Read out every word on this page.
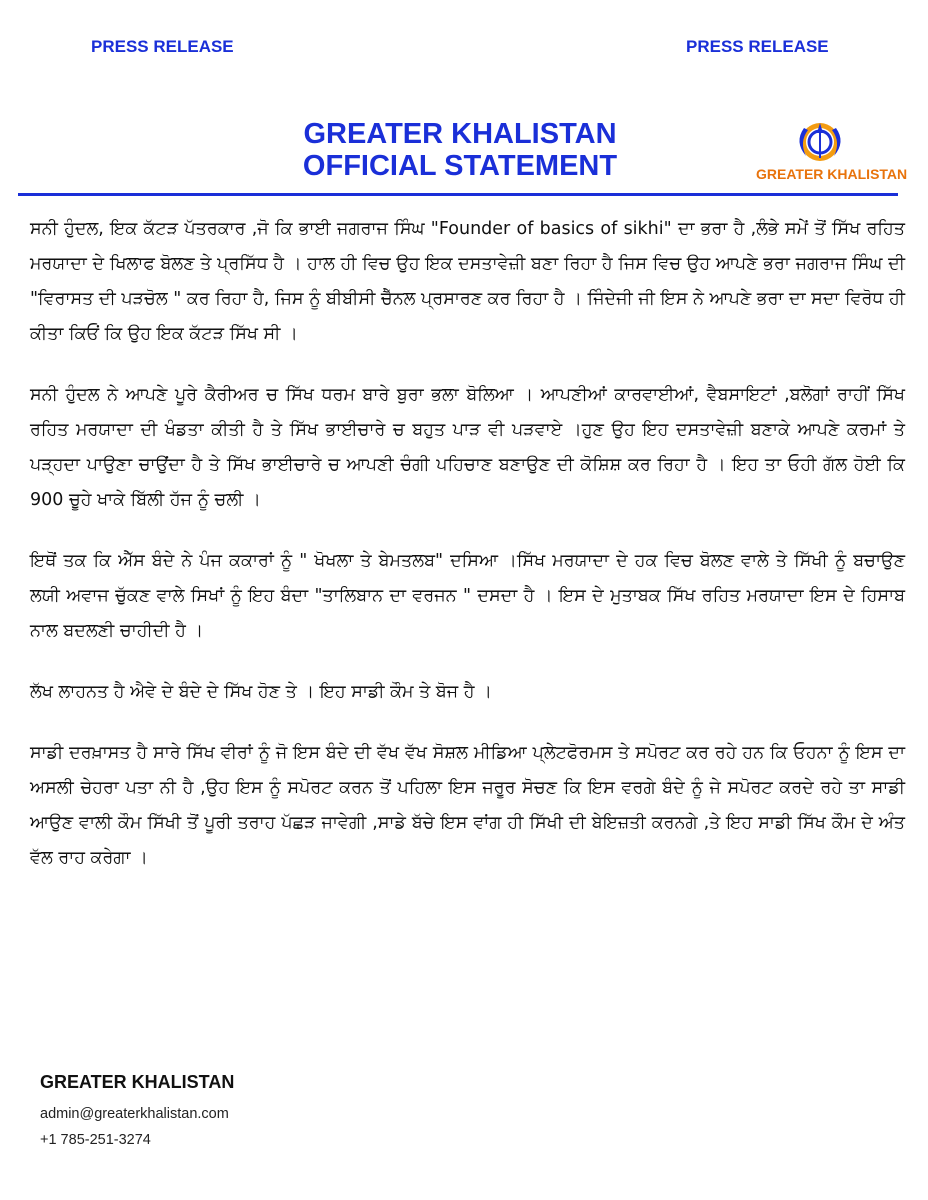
PRESS RELEASE	PRESS RELEASE
GREATER KHALISTAN
OFFICIAL STATEMENT	GREATER KHALISTAN

ਸਨੀ ਹੁੰਦਲ, ਇਕ ਕੱਟੜ ਪੱਤਰਕਾਰ ,ਜੋ ਕਿ ਭਾਈ ਜਗਰਾਜ ਸਿੰਘ "Founder of basics of sikhi" ਦਾ ਭਰਾ ਹੈ ,ਲੰਭੇ ਸਮੇਂ ਤੋਂ ਸਿੱਖ ਰਹਿਤ ਮਰਯਾਦਾ ਦੇ ਖਿਲਾਫ ਬੋਲਣ ਤੇ ਪ੍ਰਸਿੱਧ ਹੈ । ਹਾਲ ਹੀ ਵਿਚ ਉਹ ਇਕ ਦਸਤਾਵੇਜ਼ੀ ਬਣਾ ਰਿਹਾ ਹੈ ਜਿਸ ਵਿਚ ਉਹ ਆਪਣੇ ਭਰਾ ਜਗਰਾਜ ਸਿੰਘ ਦੀ "ਵਿਰਾਸਤ ਦੀ ਪੜਚੋਲ " ਕਰ ਰਿਹਾ ਹੈ, ਜਿਸ ਨੂੰ ਬੀਬੀਸੀ ਚੈੱਨਲ ਪ੍ਰਸਾਰਣ ਕਰ ਰਿਹਾ ਹੈ । ਜਿੰਦੇਜੀ ਜੀ ਇਸ ਨੇ ਆਪਣੇ ਭਰਾ ਦਾ ਸਦਾ ਵਿਰੋਧ ਹੀ ਕੀਤਾ ਕਿਓਂ ਕਿ ਉਹ ਇਕ ਕੱਟੜ ਸਿੱਖ ਸੀ ।

ਸਨੀ ਹੁੰਦਲ ਨੇ ਆਪਣੇ ਪੂਰੇ ਕੈਰੀਅਰ ਚ ਸਿੱਖ ਧਰਮ ਬਾਰੇ ਬੁਰਾ ਭਲਾ ਬੋਲਿਆ । ਆਪਣੀਆਂ ਕਾਰਵਾਈਆਂ, ਵੈਬਸਾਇਟਾਂ ,ਬਲੋਗਾਂ ਰਾਹੀਂ ਸਿੱਖ ਰਹਿਤ ਮਰਯਾਦਾ ਦੀ ਖੰਡਤਾ ਕੀਤੀ ਹੈ ਤੇ ਸਿੱਖ ਭਾਈਚਾਰੇ ਚ ਬਹੁਤ ਪਾੜ ਵੀ ਪੜਵਾਏ ।ਹੁਣ ਉਹ ਇਹ ਦਸਤਾਵੇਜ਼ੀ ਬਣਾਕੇ ਆਪਣੇ ਕਰਮਾਂ ਤੇ ਪੜ੍ਹਦਾ ਪਾਉਣਾ ਚਾਉਂਦਾ ਹੈ ਤੇ ਸਿੱਖ ਭਾਈਚਾਰੇ ਚ ਆਪਣੀ ਚੰਗੀ ਪਹਿਚਾਣ ਬਣਾਉਣ ਦੀ ਕੋਸ਼ਿਸ਼ ਕਰ ਰਿਹਾ ਹੈ । ਇਹ ਤਾ ਓਹੀ ਗੱਲ ਹੋਈ ਕਿ 900 ਚੂਹੇ ਖਾਕੇ ਬਿੱਲੀ ਹੱਜ ਨੂੰ ਚਲੀ ।

ਇਥੋਂ ਤਕ ਕਿ ਐੱਸ ਬੰਦੇ ਨੇ ਪੰਜ ਕਕਾਰਾਂ ਨੂੰ " ਖੋਖਲਾ ਤੇ ਬੇਮਤਲਬ" ਦਸਿਆ ।ਸਿੱਖ ਮਰਯਾਦਾ ਦੇ ਹਕ ਵਿਚ ਬੋਲਣ ਵਾਲੇ ਤੇ ਸਿੱਖੀ ਨੂੰ ਬਚਾਉਣ ਲਯੀ ਅਵਾਜ ਚੁੱਕਣ ਵਾਲੇ ਸਿਖਾਂ ਨੂੰ ਇਹ ਬੰਦਾ "ਤਾਲਿਬਾਨ ਦਾ ਵਰਜਨ " ਦਸਦਾ ਹੈ । ਇਸ ਦੇ ਮੁਤਾਬਕ ਸਿੱਖ ਰਹਿਤ ਮਰਯਾਦਾ ਇਸ ਦੇ ਹਿਸਾਬ ਨਾਲ ਬਦਲਣੀ ਚਾਹੀਦੀ ਹੈ ।

ਲੱਖ ਲਾਹਨਤ ਹੈ ਐਵੇ ਦੇ ਬੰਦੇ ਦੇ ਸਿੱਖ ਹੋਣ ਤੇ । ਇਹ ਸਾਡੀ ਕੌਮ ਤੇ ਬੋਜ ਹੈ ।

ਸਾਡੀ ਦਰਖ਼ਾਸਤ ਹੈ ਸਾਰੇ ਸਿੱਖ ਵੀਰਾਂ ਨੂੰ ਜੋ ਇਸ ਬੰਦੇ ਦੀ ਵੱਖ ਵੱਖ ਸੋਸ਼ਲ ਮੀਡਿਆ ਪ੍ਲੇਟਫੋਰਮਸ ਤੇ ਸਪੋਰਟ ਕਰ ਰਹੇ ਹਨ ਕਿ ਓਹਨਾ ਨੂੰ ਇਸ ਦਾ ਅਸਲੀ ਚੇਹਰਾ ਪਤਾ ਨੀ ਹੈ ,ਉਹ ਇਸ ਨੂੰ ਸਪੋਰਟ ਕਰਨ ਤੋਂ ਪਹਿਲਾ ਇਸ ਜਰੂਰ ਸੋਚਣ ਕਿ ਇਸ ਵਰਗੇ ਬੰਦੇ ਨੂੰ ਜੇ ਸਪੋਰਟ ਕਰਦੇ ਰਹੇ ਤਾ ਸਾਡੀ ਆਉਣ ਵਾਲੀ ਕੌਮ ਸਿੱਖੀ ਤੋਂ ਪੂਰੀ ਤਰਾਹ ਪੱਛੜ ਜਾਵੇਗੀ ,ਸਾਡੇ ਬੱਚੇ ਇਸ ਵਾਂਗ ਹੀ ਸਿੱਖੀ ਦੀ ਬੇਇਜ਼ਤੀ ਕਰਨਗੇ ,ਤੇ ਇਹ ਸਾਡੀ ਸਿੱਖ ਕੌਮ ਦੇ ਅੰਤ ਵੱਲ ਰਾਹ ਕਰੇਗਾ ।

GREATER KHALISTAN
admin@greaterkhalistan.com
+1 785-251-3274
